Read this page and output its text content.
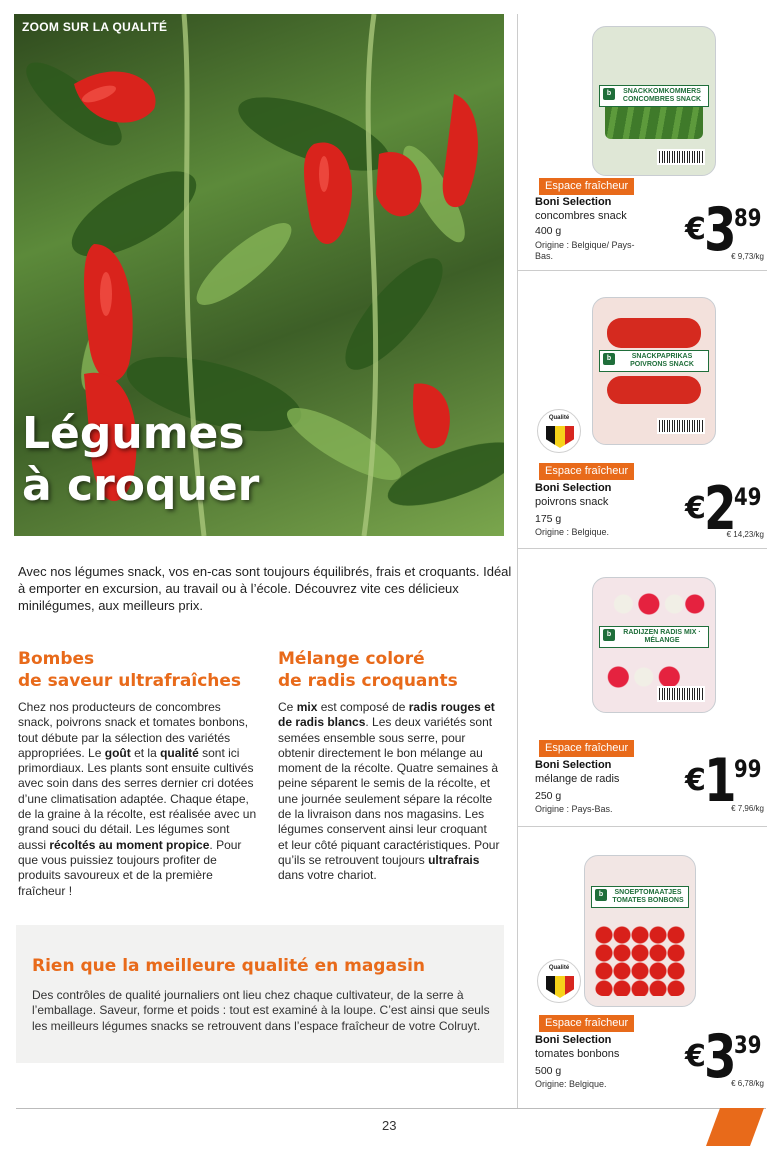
ZOOM SUR LA QUALITÉ
Légumes
à croquer

Avec nos légumes snack, vos en-cas sont toujours équilibrés, frais et croquants. Idéal à emporter en excursion, au travail ou à l’école. Découvrez vite ces délicieux minilégumes, aux meilleurs prix.

Bombes
de saveur ultrafraîches

Chez nos producteurs de concombres snack, poivrons snack et tomates bonbons, tout débute par la sélection des variétés appropriées. Le goût et la qualité sont ici primordiaux. Les plants sont ensuite cultivés avec soin dans des serres dernier cri dotées d’une climatisation adaptée. Chaque étape, de la graine à la récolte, est réalisée avec un grand souci du détail. Les légumes sont aussi récoltés au moment propice. Pour que vous puissiez toujours profiter de produits savoureux et de la première fraîcheur !

Mélange coloré
de radis croquants

Ce mix est composé de radis rouges et de radis blancs. Les deux variétés sont semées ensemble sous serre, pour obtenir directement le bon mélange au moment de la récolte. Quatre semaines à peine séparent le semis de la récolte, et une journée seulement sépare la récolte de la livraison dans nos magasins. Les légumes conservent ainsi leur croquant et leur côté piquant caractéristiques. Pour qu’ils se retrouvent toujours ultrafrais dans votre chariot.

Rien que la meilleure qualité en magasin

Des contrôles de qualité journaliers ont lieu chez chaque cultivateur, de la serre à l’emballage. Saveur, forme et poids : tout est examiné à la loupe. C’est ainsi que seuls les meilleurs légumes snacks se retrouvent dans l’espace fraîcheur de votre Colruyt.

23
b	SNACKKOMKOMMERS CONCOMBRES SNACK
Espace fraîcheur
Boni Selection
concombres snack
400 g
Origine : Belgique/ Pays-Bas.
€389
€ 9,73/kg
b	SNACKPAPRIKAS POIVRONS SNACK
Qualité
Espace fraîcheur
Boni Selection
poivrons snack
175 g
Origine : Belgique.
€249
€ 14,23/kg
b	RADIJZEN RADIS MIX · MÉLANGE
Espace fraîcheur
Boni Selection
mélange de radis
250 g
Origine : Pays-Bas.
€199
€ 7,96/kg
b	SNOEPTOMAATJES TOMATES BONBONS
Qualité
Espace fraîcheur
Boni Selection
tomates bonbons
500 g
Origine: Belgique.
€339
€ 6,78/kg
